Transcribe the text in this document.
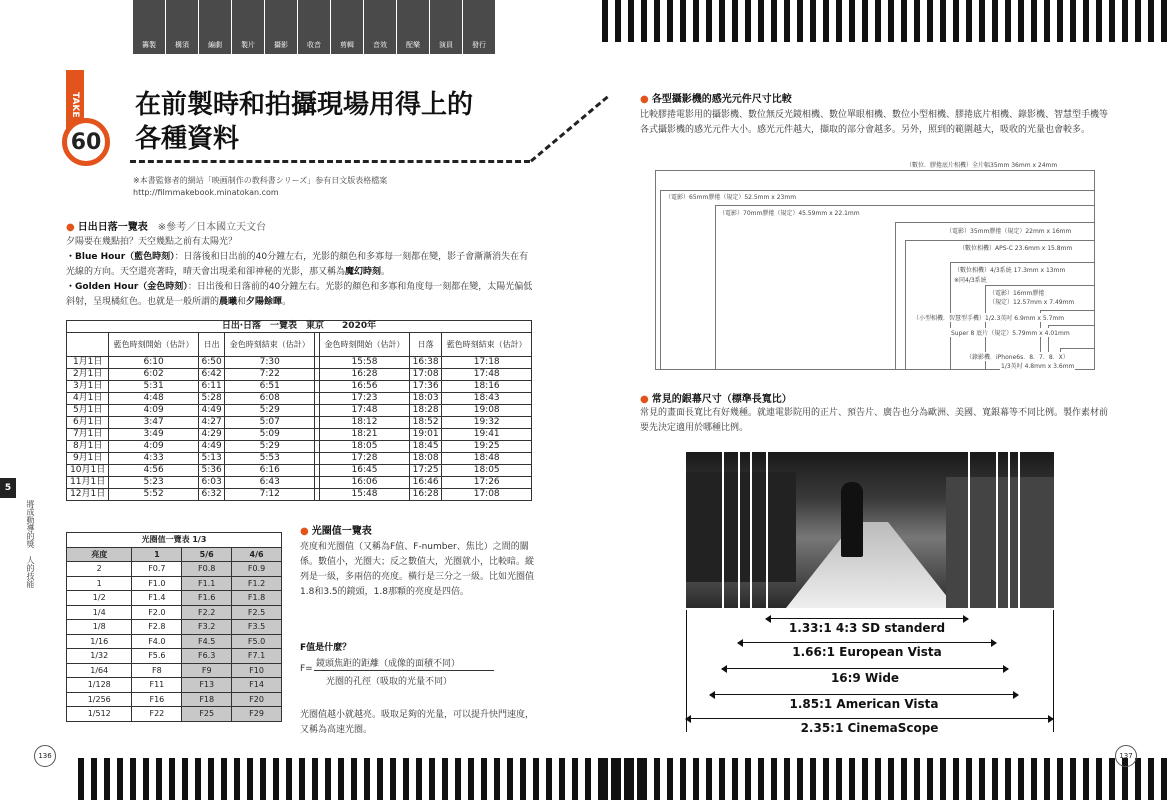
籌製	構須	編劇	製片	攝影	收音	剪輯	音效	配樂	演員	發行
TAKE
60
在前製時和拍攝現場用得上的
各種資料
※本書監修者的網站「映画制作の教科書シリーズ」参有日文版表格檔案
http://filmmakebook.minatokan.com
● 日出日落一覽表 ※參考／日本國立天文台
夕陽要在幾點拍？天空幾點之前有太陽光？
・Blue Hour（藍色時刻）：日落後和日出前的40分鐘左右，光影的顏色和多寡每一刻都在變，影子會漸漸消失在有光線的方向。天空還亮著時，晴天會出現柔和卻神秘的光影，那又稱為魔幻時刻。
・Golden Hour（金色時刻）：日出後和日落前的40分鐘左右。光影的顏色和多寡和角度每一刻都在變，太陽光偏低斜射，呈現橘紅色。也就是一般所謂的晨曦和夕陽餘暉。
日出‧日落　一覽表　東京　　2020年							
	藍色時刻開始（估計）	日出	金色時刻結束（估計）		金色時刻開始（估計）	日落	藍色時刻結束（估計）
1月1日	6:10	6:50	7:30		15:58	16:38	17:18
2月1日	6:02	6:42	7:22		16:28	17:08	17:48
3月1日	5:31	6:11	6:51		16:56	17:36	18:16
4月1日	4:48	5:28	6:08		17:23	18:03	18:43
5月1日	4:09	4:49	5:29		17:48	18:28	19:08
6月1日	3:47	4:27	5:07		18:12	18:52	19:32
7月1日	3:49	4:29	5:09		18:21	19:01	19:41
8月1日	4:09	4:49	5:29		18:05	18:45	19:25
9月1日	4:33	5:13	5:53		17:28	18:08	18:48
10月1日	4:56	5:36	6:16		16:45	17:25	18:05
11月1日	5:23	6:03	6:43		16:06	16:46	17:26
12月1日	5:52	6:32	7:12		15:48	16:28	17:08
光圈值一覽表 1/3			
亮度	1	5/6	4/6
2	F0.7	F0.8	F0.9
1	F1.0	F1.1	F1.2
1/2	F1.4	F1.6	F1.8
1/4	F2.0	F2.2	F2.5
1/8	F2.8	F3.2	F3.5
1/16	F4.0	F4.5	F5.0
1/32	F5.6	F6.3	F7.1
1/64	F8	F9	F10
1/128	F11	F13	F14
1/256	F16	F18	F20
1/512	F22	F25	F29
● 光圈值一覽表
亮度和光圈值（又稱為F值、F-number、焦比）之間的關係。數值小，光圈大；反之數值大，光圈就小，比較暗。縱列是一級，多兩倍的亮度。橫行是三分之一級。比如光圈值1.8和3.5的鏡頭，1.8那顆的亮度是四倍。
F值是什麼？
F= 鏡頭焦距的距離（成像的面積不同）
光圈的孔徑（吸取的光量不同）
光圈值越小就越亮。吸取足夠的光量，可以提升快門速度，又稱為高速光圈。
5
將成動導的獎　人的技能
136	137
● 各型攝影機的感光元件尺寸比較
比較膠捲電影用的攝影機、數位無反光鏡相機、數位單眼相機、數位小型相機、膠捲底片相機、錄影機、智慧型手機等各式攝影機的感光元件大小。感光元件越大，擷取的部分會越多。另外，照到的範圍越大，吸收的光量也會較多。
（數位．膠捲底片相機）全片幅35mm 36mm x 24mm
（電影）65mm膠捲（規定）52.5mm x 23mm
（電影）70mm膠捲（規定）45.59mm x 22.1mm
（電影）35mm膠捲（規定）22mm x 16mm
（數位相機）APS-C 23.6mm x 15.8mm
（數位相機）4/3系統 17.3mm x 13mm
※同4/3系統
（電影）16mm膠捲
（規定）12.57mm x 7.49mm
（小型相機．智慧型手機）1/2.3英吋 6.9mm x 5.7mm
Super 8 底片（規定）5.79mm x 4.01mm
（錄影機．iPhone6s．8．7．8．X）
1/3英吋 4.8mm x 3.6mm
● 常見的銀幕尺寸（標準長寬比）
常見的畫面長寬比有好幾種。就連電影院用的正片、預告片、廣告也分為歐洲、美國、寬銀幕等不同比例。製作素材前要先決定適用於哪種比例。
1.33:1 4:3 SD standerd
1.66:1 European Vista
16:9 Wide
1.85:1 American Vista
2.35:1 CinemaScope
